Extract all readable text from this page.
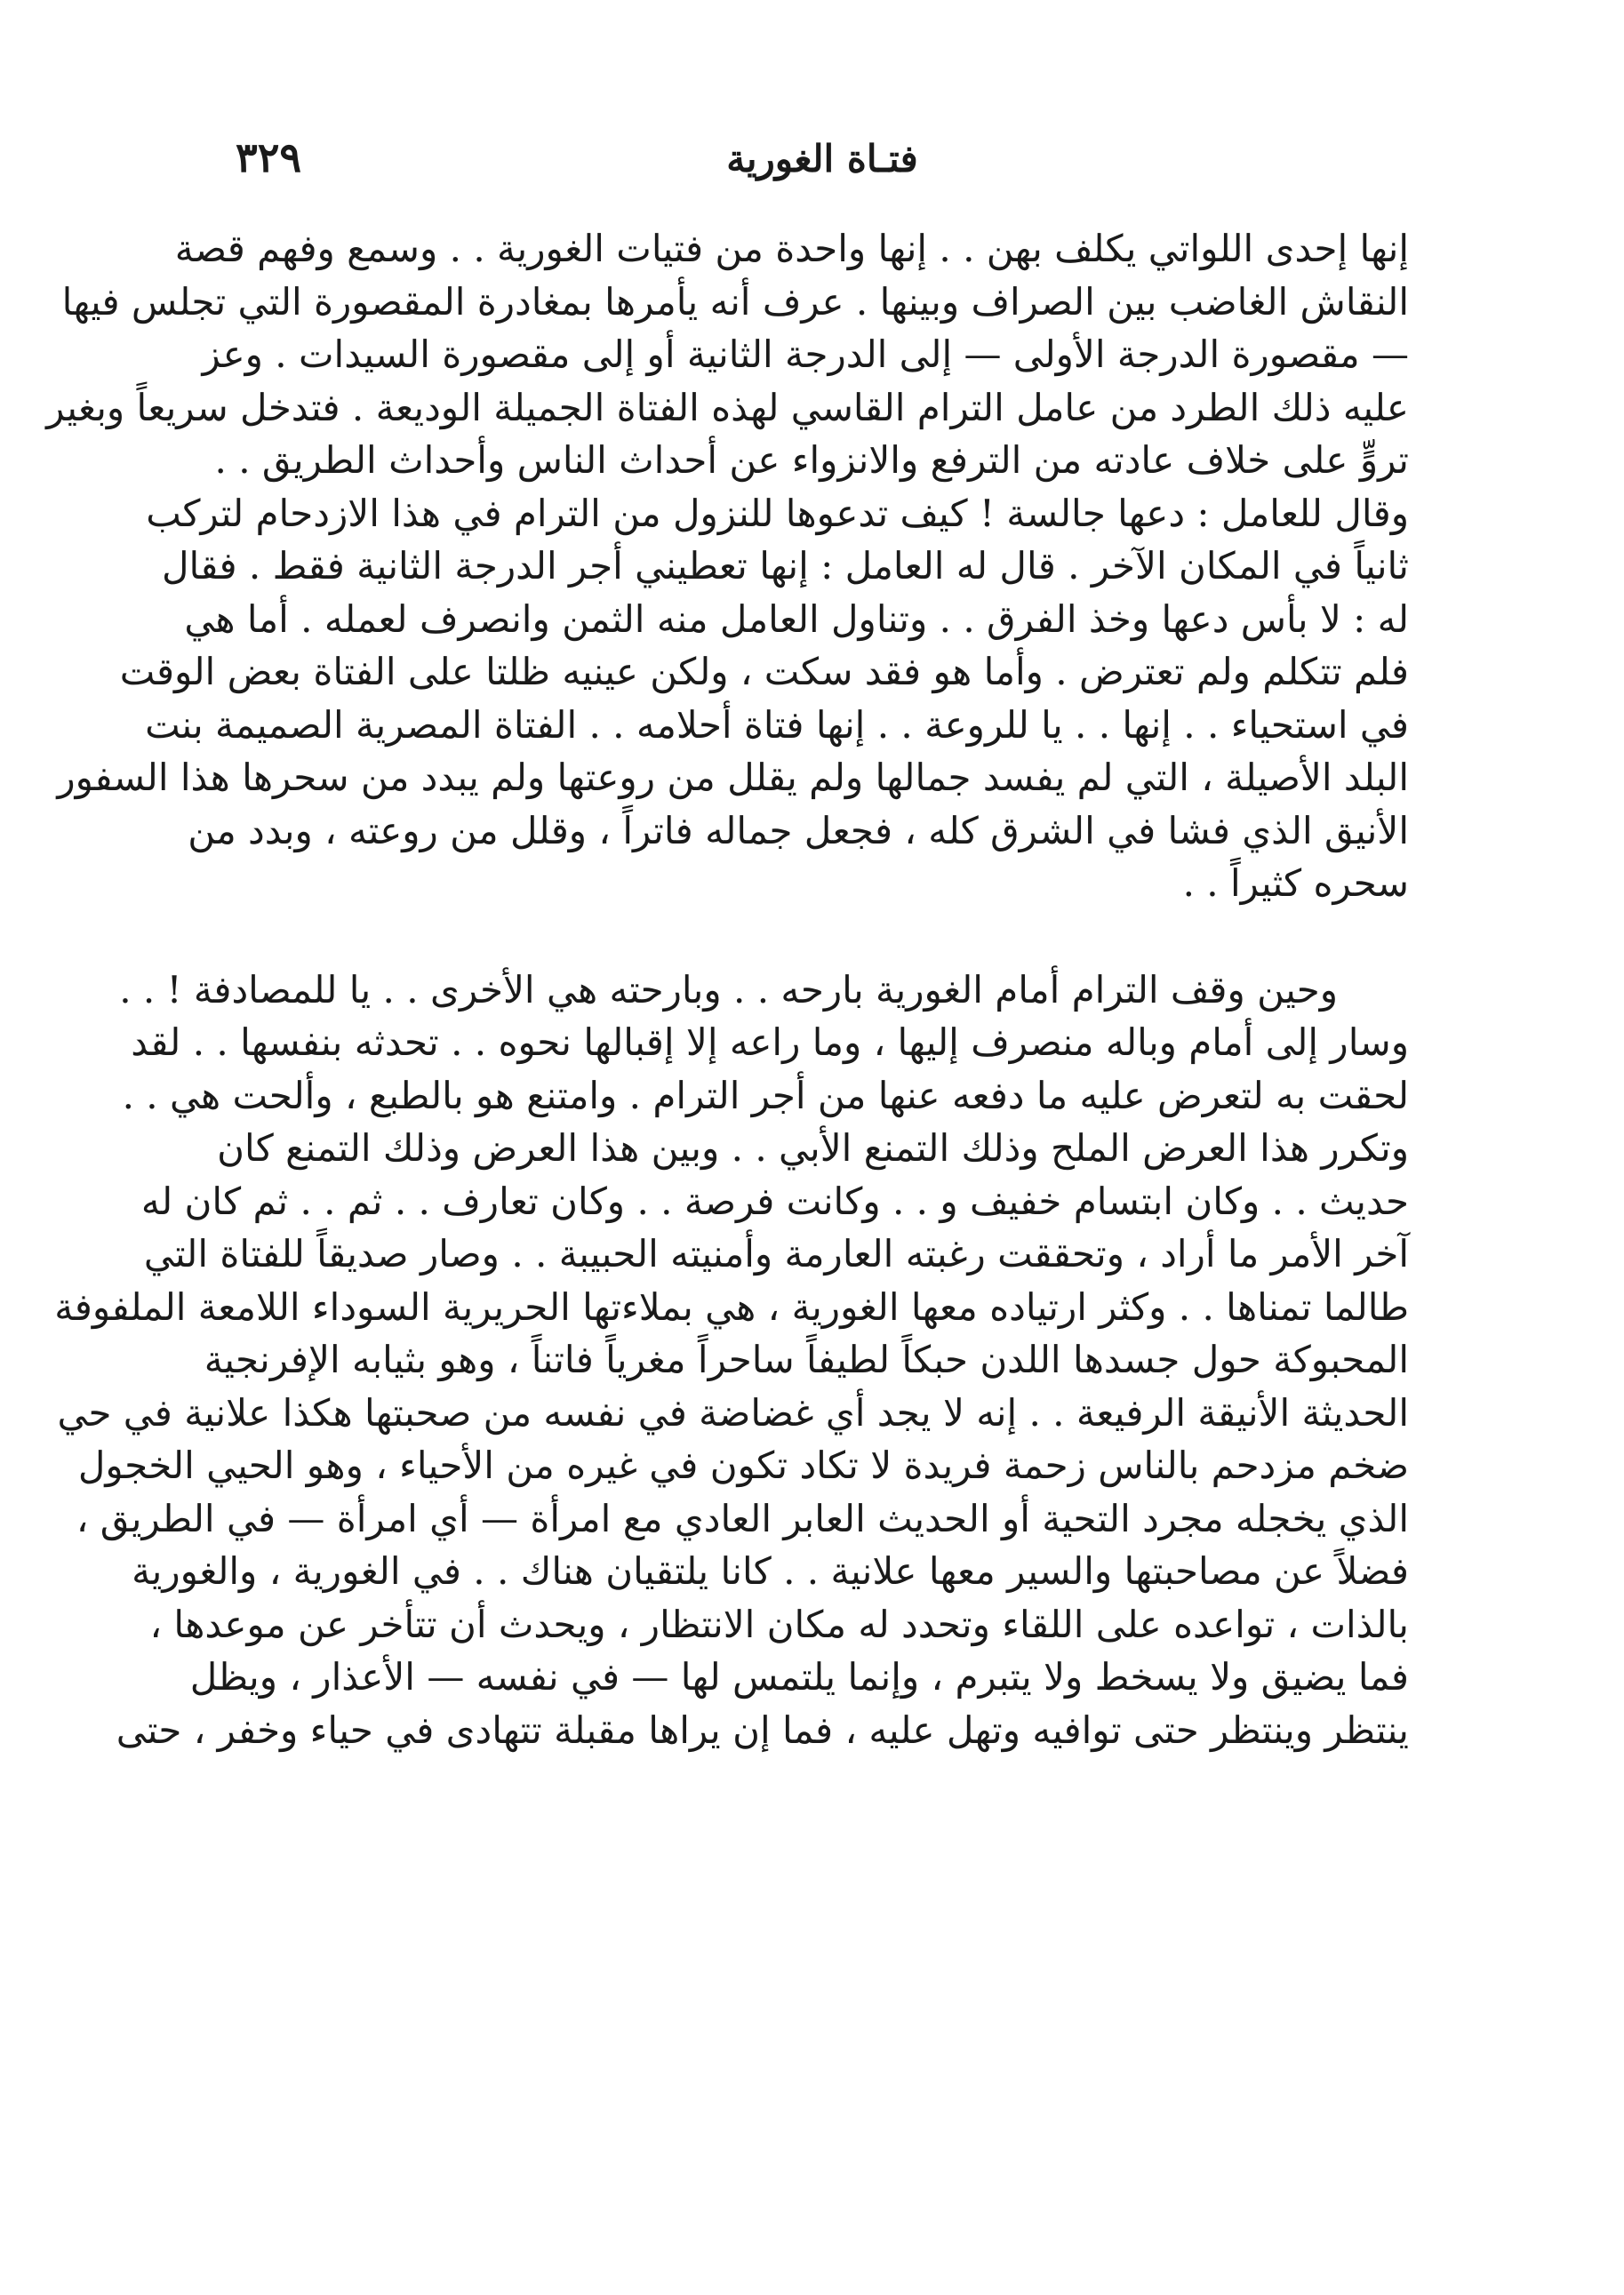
٣٢٩	فتـاة الغورية
إنها إحدى اللواتي يكلف بهن . . إنها واحدة من فتيات الغورية . . وسمع وفهم قصة
النقاش الغاضب بين الصراف وبينها . عرف أنه يأمرها بمغادرة المقصورة التي تجلس فيها
— مقصورة الدرجة الأولى — إلى الدرجة الثانية أو إلى مقصورة السيدات . وعز
عليه ذلك الطرد من عامل الترام القاسي لهذه الفتاة الجميلة الوديعة . فتدخل سريعاً وبغير
تروٍّ على خلاف عادته من الترفع والانزواء عن أحداث الناس وأحداث الطريق . .
وقال للعامل : دعها جالسة ! كيف تدعوها للنزول من الترام في هذا الازدحام لتركب
ثانياً في المكان الآخر . قال له العامل : إنها تعطيني أجر الدرجة الثانية فقط . فقال
له : لا بأس دعها وخذ الفرق . . وتناول العامل منه الثمن وانصرف لعمله . أما هي
فلم تتكلم ولم تعترض . وأما هو فقد سكت ، ولكن عينيه ظلتا على الفتاة بعض الوقت
في استحياء . . إنها . . يا للروعة . . إنها فتاة أحلامه . . الفتاة المصرية الصميمة بنت
البلد الأصيلة ، التي لم يفسد جمالها ولم يقلل من روعتها ولم يبدد من سحرها هذا السفور
الأنيق الذي فشا في الشرق كله ، فجعل جماله فاتراً ، وقلل من روعته ، وبدد من
سحره كثيراً . .
وحين وقف الترام أمام الغورية بارحه . . وبارحته هي الأخرى . . يا للمصادفة ! . .
وسار إلى أمام وباله منصرف إليها ، وما راعه إلا إقبالها نحوه . . تحدثه بنفسها . . لقد
لحقت به لتعرض عليه ما دفعه عنها من أجر الترام . وامتنع هو بالطبع ، وألحت هي . .
وتكرر هذا العرض الملح وذلك التمنع الأبي . . وبين هذا العرض وذلك التمنع كان
حديث . . وكان ابتسام خفيف و . . وكانت فرصة . . وكان تعارف . . ثم . . ثم كان له
آخر الأمر ما أراد ، وتحققت رغبته العارمة وأمنيته الحبيبة . . وصار صديقاً للفتاة التي
طالما تمناها . . وكثر ارتياده معها الغورية ، هي بملاءتها الحريرية السوداء اللامعة الملفوفة
المحبوكة حول جسدها اللدن حبكاً لطيفاً ساحراً مغرياً فاتناً ، وهو بثيابه الإفرنجية
الحديثة الأنيقة الرفيعة . . إنه لا يجد أي غضاضة في نفسه من صحبتها هكذا علانية في حي
ضخم مزدحم بالناس زحمة فريدة لا تكاد تكون في غيره من الأحياء ، وهو الحيي الخجول
الذي يخجله مجرد التحية أو الحديث العابر العادي مع امرأة — أي امرأة — في الطريق ،
فضلاً عن مصاحبتها والسير معها علانية . . كانا يلتقيان هناك . . في الغورية ، والغورية
بالذات ، تواعده على اللقاء وتحدد له مكان الانتظار ، ويحدث أن تتأخر عن موعدها ،
فما يضيق ولا يسخط ولا يتبرم ، وإنما يلتمس لها — في نفسه — الأعذار ، ويظل
ينتظر وينتظر حتى توافيه وتهل عليه ، فما إن يراها مقبلة تتهادى في حياء وخفر ، حتى
